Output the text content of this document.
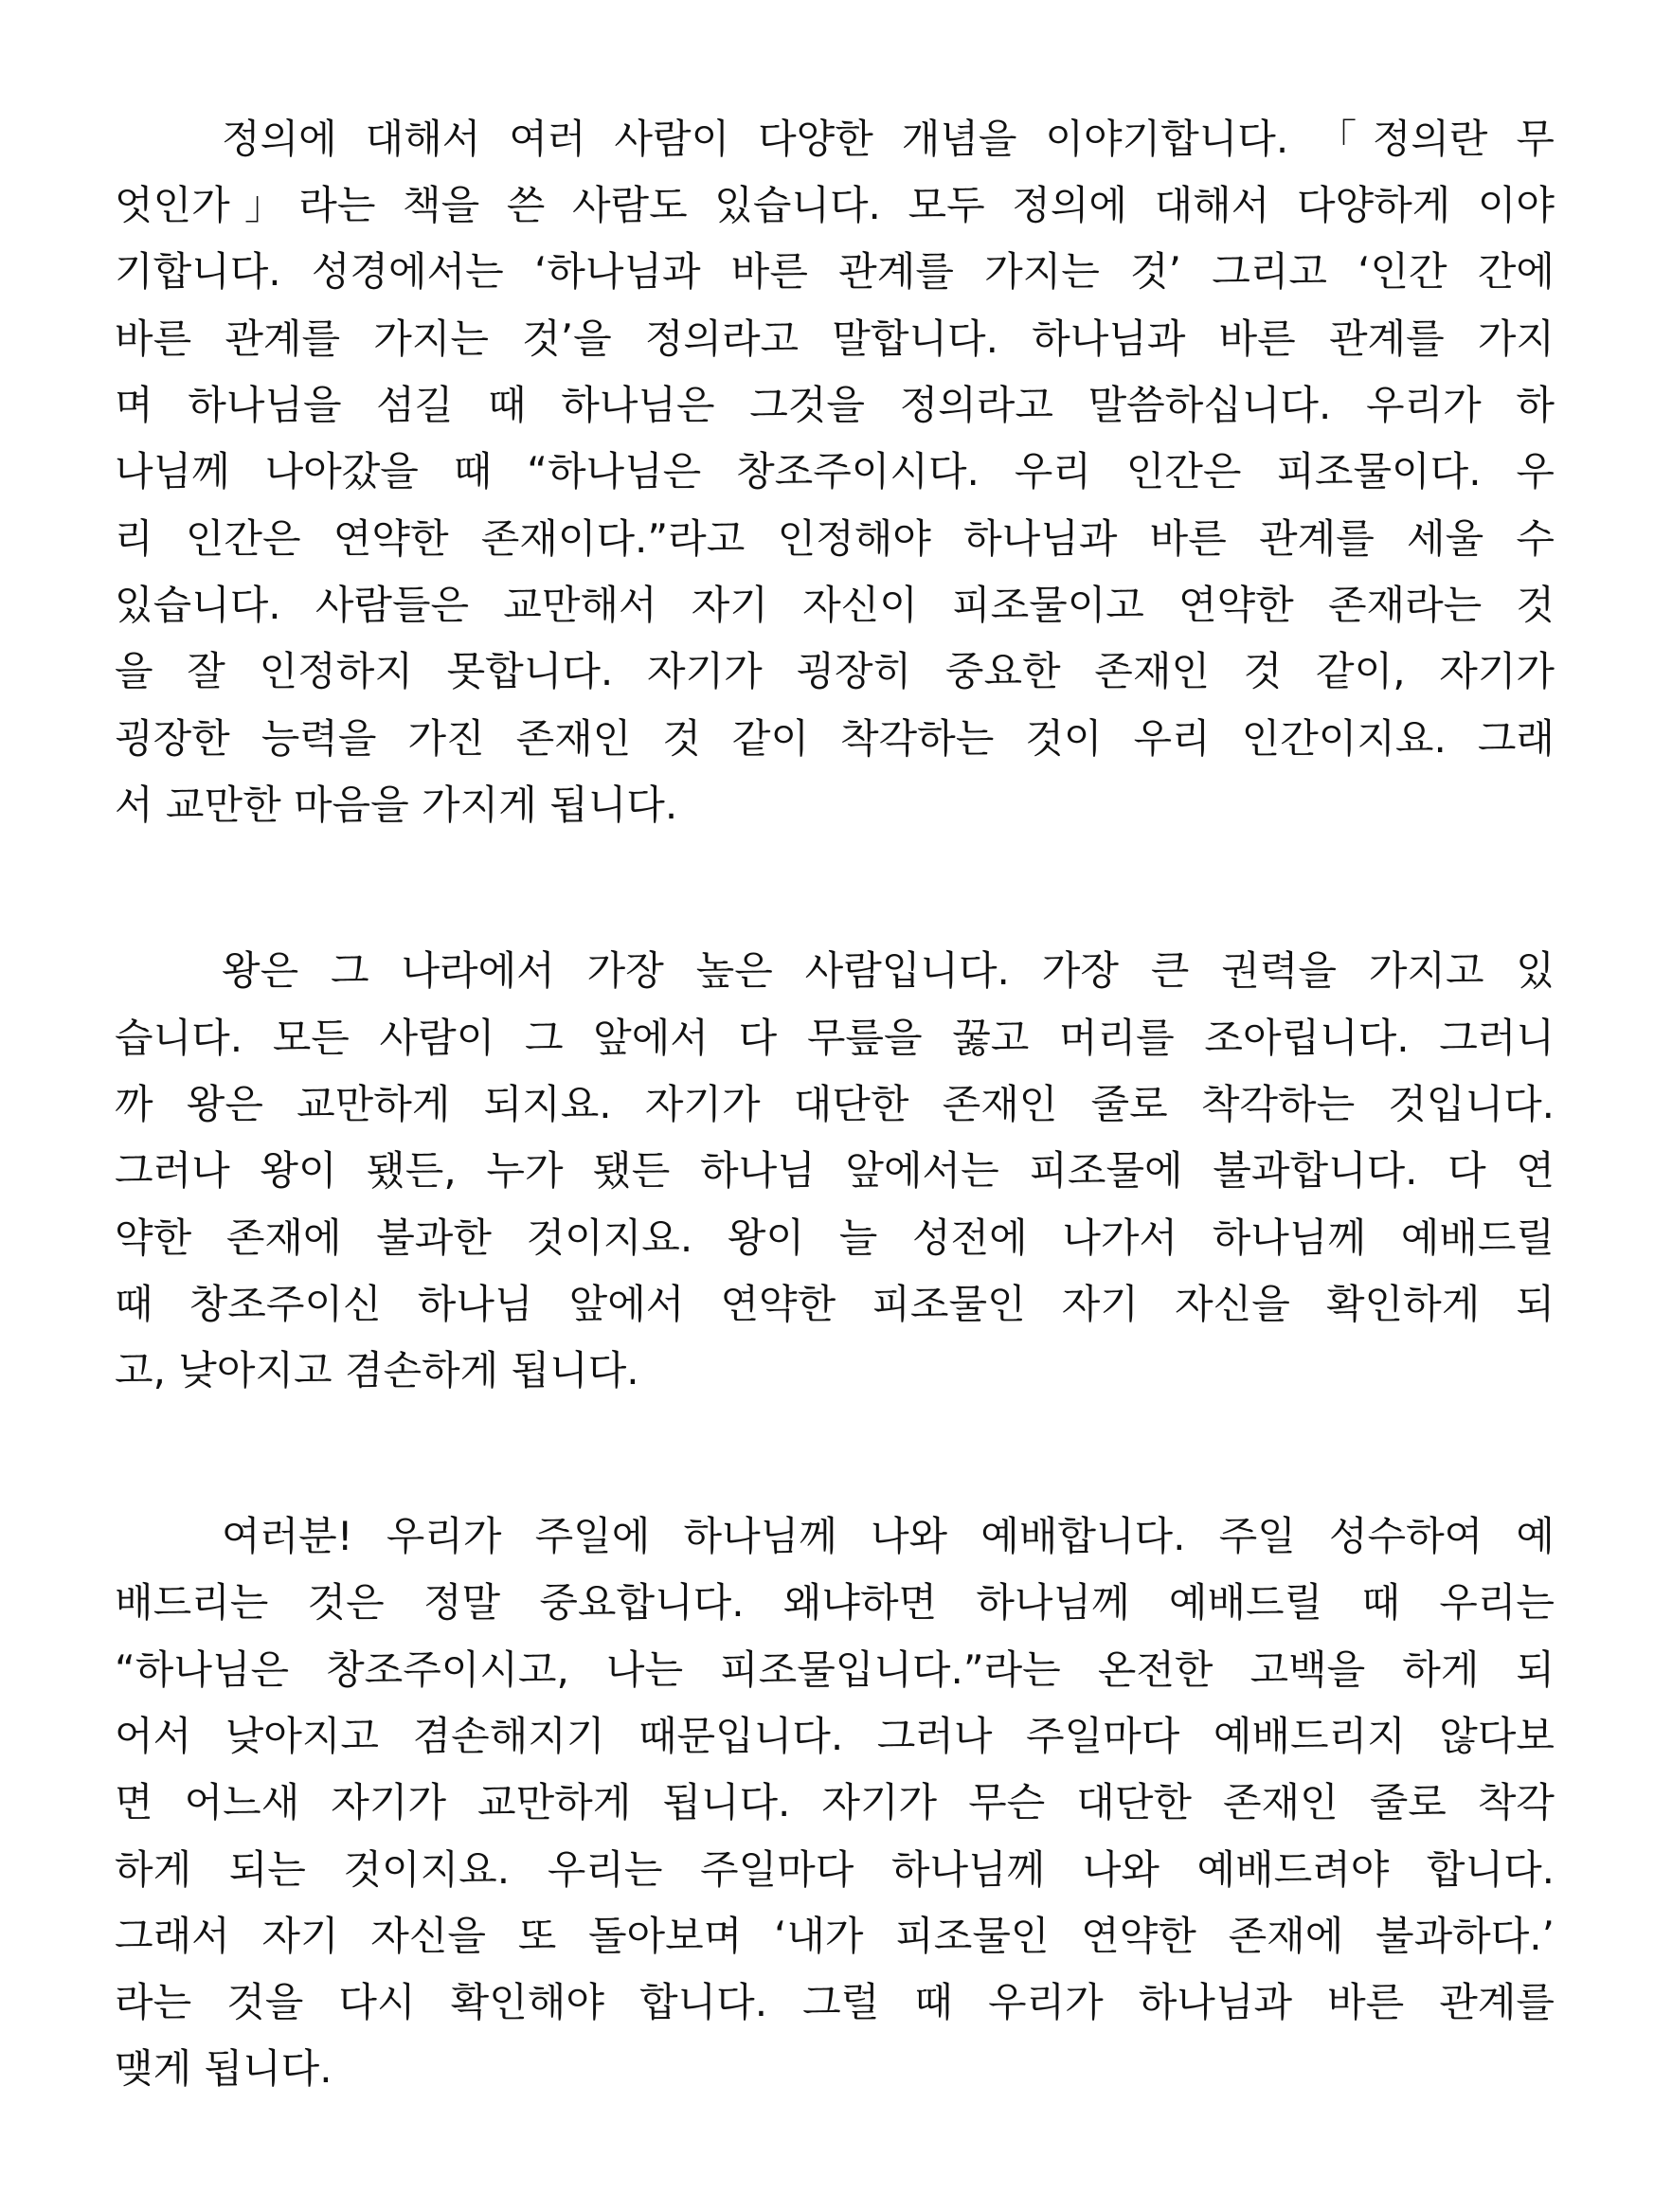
정의에 대해서 여러 사람이 다양한 개념을 이야기합니다. 「정의란 무
엇인가」라는 책을 쓴 사람도 있습니다. 모두 정의에 대해서 다양하게 이야
기합니다. 성경에서는 ‘하나님과 바른 관계를 가지는 것’ 그리고 ‘인간 간에
바른 관계를 가지는 것’을 정의라고 말합니다. 하나님과 바른 관계를 가지
며 하나님을 섬길 때 하나님은 그것을 정의라고 말씀하십니다. 우리가 하
나님께 나아갔을 때 “하나님은 창조주이시다. 우리 인간은 피조물이다. 우
리 인간은 연약한 존재이다.”라고 인정해야 하나님과 바른 관계를 세울 수
있습니다. 사람들은 교만해서 자기 자신이 피조물이고 연약한 존재라는 것
을 잘 인정하지 못합니다. 자기가 굉장히 중요한 존재인 것 같이, 자기가
굉장한 능력을 가진 존재인 것 같이 착각하는 것이 우리 인간이지요. 그래
서 교만한 마음을 가지게 됩니다.
왕은 그 나라에서 가장 높은 사람입니다. 가장 큰 권력을 가지고 있
습니다. 모든 사람이 그 앞에서 다 무릎을 꿇고 머리를 조아립니다. 그러니
까 왕은 교만하게 되지요. 자기가 대단한 존재인 줄로 착각하는 것입니다.
그러나 왕이 됐든, 누가 됐든 하나님 앞에서는 피조물에 불과합니다. 다 연
약한 존재에 불과한 것이지요. 왕이 늘 성전에 나가서 하나님께 예배드릴
때 창조주이신 하나님 앞에서 연약한 피조물인 자기 자신을 확인하게 되
고, 낮아지고 겸손하게 됩니다.
여러분! 우리가 주일에 하나님께 나와 예배합니다. 주일 성수하여 예
배드리는 것은 정말 중요합니다. 왜냐하면 하나님께 예배드릴 때 우리는
“하나님은 창조주이시고, 나는 피조물입니다.”라는 온전한 고백을 하게 되
어서 낮아지고 겸손해지기 때문입니다. 그러나 주일마다 예배드리지 않다보
면 어느새 자기가 교만하게 됩니다. 자기가 무슨 대단한 존재인 줄로 착각
하게 되는 것이지요. 우리는 주일마다 하나님께 나와 예배드려야 합니다.
그래서 자기 자신을 또 돌아보며 ‘내가 피조물인 연약한 존재에 불과하다.’
라는 것을 다시 확인해야 합니다. 그럴 때 우리가 하나님과 바른 관계를
맺게 됩니다.
